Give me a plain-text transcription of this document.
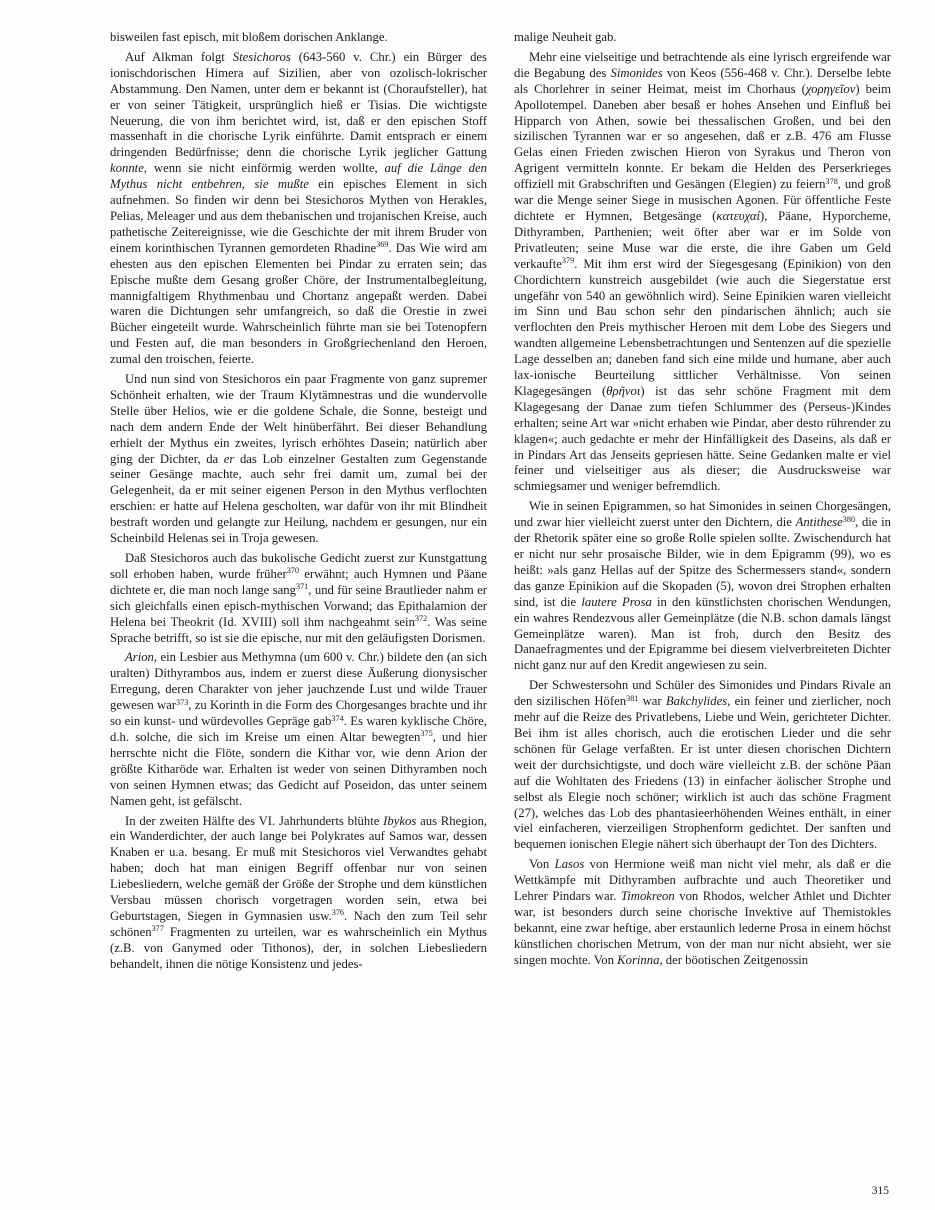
bisweilen fast episch, mit bloßem dorischen Anklange.

Auf Alkman folgt Stesichoros (643-560 v. Chr.) ein Bürger des ionischdorischen Himera auf Sizilien, aber von ozolisch-lokrischer Abstammung. Den Namen, unter dem er bekannt ist (Choraufsteller), hat er von seiner Tätigkeit, ursprünglich hieß er Tisias. Die wichtigste Neuerung, die von ihm berichtet wird, ist, daß er den epischen Stoff massenhaft in die chorische Lyrik einführte. Damit entsprach er einem dringenden Bedürfnisse; denn die chorische Lyrik jeglicher Gattung konnte, wenn sie nicht einförmig werden wollte, auf die Länge den Mythus nicht entbehren, sie mußte ein episches Element in sich aufnehmen. So finden wir denn bei Stesichoros Mythen von Herakles, Pelias, Meleager und aus dem thebanischen und trojanischen Kreise, auch pathetische Zeitereignisse, wie die Geschichte der mit ihrem Bruder von einem korinthischen Tyrannen gemordeten Rhadine$^{369}$. Das Wie wird am ehesten aus den epischen Elementen bei Pindar zu erraten sein; das Epische mußte dem Gesang großer Chöre, der Instrumentalbegleitung, mannigfaltigem Rhythmenbau und Chortanz angepaßt werden. Dabei waren die Dichtungen sehr umfangreich, so daß die Orestie in zwei Bücher eingeteilt wurde. Wahrscheinlich führte man sie bei Totenopfern und Festen auf, die man besonders in Großgriechenland den Heroen, zumal den troischen, feierte.

Und nun sind von Stesichoros ein paar Fragmente von ganz supremer Schönheit erhalten, wie der Traum Klytämnestras und die wundervolle Stelle über Helios, wie er die goldene Schale, die Sonne, besteigt und nach dem andern Ende der Welt hinüberfährt. Bei dieser Behandlung erhielt der Mythus ein zweites, lyrisch erhöhtes Dasein; natürlich aber ging der Dichter, da er das Lob einzelner Gestalten zum Gegenstande seiner Gesänge machte, auch sehr frei damit um, zumal bei der Gelegenheit, da er mit seiner eigenen Person in den Mythus verflochten erschien: er hatte auf Helena gescholten, war dafür von ihr mit Blindheit bestraft worden und gelangte zur Heilung, nachdem er gesungen, nur ein Scheinbild Helenas sei in Troja gewesen.

Daß Stesichoros auch das bukolische Gedicht zuerst zur Kunstgattung soll erhoben haben, wurde früher$^{370}$ erwähnt; auch Hymnen und Päane dichtete er, die man noch lange sang$^{371}$, und für seine Brautlieder nahm er sich gleichfalls einen episch-mythischen Vorwand; das Epithalamion der Helena bei Theokrit (Id. XVIII) soll ihm nachgeahmt sein$^{372}$. Was seine Sprache betrifft, so ist sie die epische, nur mit den geläufigsten Dorismen.

Arion, ein Lesbier aus Methymna (um 600 v. Chr.) bildete den (an sich uralten) Dithyrambos aus, indem er zuerst diese Äußerung dionysischer Erregung, deren Charakter von jeher jauchzende Lust und wilde Trauer gewesen war$^{373}$, zu Korinth in die Form des Chorgesanges brachte und ihr so ein kunst- und würdevolles Gepräge gab$^{374}$. Es waren kyklische Chöre, d.h. solche, die sich im Kreise um einen Altar bewegten$^{375}$, und hier herrschte nicht die Flöte, sondern die Kithar vor, wie denn Arion der größte Kitharöde war. Erhalten ist weder von seinen Dithyramben noch von seinen Hymnen etwas; das Gedicht auf Poseidon, das unter seinem Namen geht, ist gefälscht.

In der zweiten Hälfte des VI. Jahrhunderts blühte Ibykos aus Rhegion, ein Wanderdichter, der auch lange bei Polykrates auf Samos war, dessen Knaben er u.a. besang. Er muß mit Stesichoros viel Verwandtes gehabt haben; doch hat man einigen Begriff offenbar nur von seinen Liebesliedern, welche gemäß der Größe der Strophe und dem künstlichen Versbau müssen chorisch vorgetragen worden sein, etwa bei Geburtstagen, Siegen in Gymnasien usw.$^{376}$. Nach den zum Teil sehr schönen$^{377}$ Fragmenten zu urteilen, war es wahrscheinlich ein Mythus (z.B. von Ganymed oder Tithonos), der, in solchen Liebesliedern behandelt, ihnen die nötige Konsistenz und jedes-

malige Neuheit gab.

Mehr eine vielseitige und betrachtende als eine lyrisch ergreifende war die Begabung des Simonides von Keos (556-468 v. Chr.). Derselbe lebte als Chorlehrer in seiner Heimat, meist im Chorhaus (χορηγεῖον) beim Apollotempel. Daneben aber besaß er hohes Ansehen und Einfluß bei Hipparch von Athen, sowie bei thessalischen Großen, und bei den sizilischen Tyrannen war er so angesehen, daß er z.B. 476 am Flusse Gelas einen Frieden zwischen Hieron von Syrakus und Theron von Agrigent vermitteln konnte. Er bekam die Helden des Perserkrieges offiziell mit Grabschriften und Gesängen (Elegien) zu feiern$^{378}$, und groß war die Menge seiner Siege in musischen Agonen. Für öffentliche Feste dichtete er Hymnen, Betgesänge (κατευχαί), Päane, Hyporcheme, Dithyramben, Parthenien; weit öfter aber war er im Solde von Privatleuten; seine Muse war die erste, die ihre Gaben um Geld verkaufte$^{379}$. Mit ihm erst wird der Siegesgesang (Epinikion) von den Chordichtern kunstreich ausgebildet (wie auch die Siegerstatue erst ungefähr von 540 an gewöhnlich wird). Seine Epinikien waren vielleicht im Sinn und Bau schon sehr den pindarischen ähnlich; auch sie verflochten den Preis mythischer Heroen mit dem Lobe des Siegers und wandten allgemeine Lebensbetrachtungen und Sentenzen auf die spezielle Lage desselben an; daneben fand sich eine milde und humane, aber auch lax-ionische Beurteilung sittlicher Verhältnisse. Von seinen Klagegesängen (θρῆνοι) ist das sehr schöne Fragment mit dem Klagegesang der Danae zum tiefen Schlummer des (Perseus-)Kindes erhalten; seine Art war »nicht erhaben wie Pindar, aber desto rührender zu klagen«; auch gedachte er mehr der Hinfälligkeit des Daseins, als daß er in Pindars Art das Jenseits gepriesen hätte. Seine Gedanken malte er viel feiner und vielseitiger aus als dieser; die Ausdrucksweise war schmiegsamer und weniger befremdlich.

Wie in seinen Epigrammen, so hat Simonides in seinen Chorgesängen, und zwar hier vielleicht zuerst unter den Dichtern, die Antithese$^{380}$, die in der Rhetorik später eine so große Rolle spielen sollte. Zwischendurch hat er nicht nur sehr prosaische Bilder, wie in dem Epigramm (99), wo es heißt: »als ganz Hellas auf der Spitze des Schermessers stand«, sondern das ganze Epinikion auf die Skopaden (5), wovon drei Strophen erhalten sind, ist die lautere Prosa in den künstlichsten chorischen Wendungen, ein wahres Rendezvous aller Gemeinplätze (die N.B. schon damals längst Gemeinplätze waren). Man ist froh, durch den Besitz des Danaefragmentes und der Epigramme bei diesem vielverbreiteten Dichter nicht ganz nur auf den Kredit angewiesen zu sein.

Der Schwestersohn und Schüler des Simonides und Pindars Rivale an den sizilischen Höfen$^{381}$ war Bakchylides, ein feiner und zierlicher, noch mehr auf die Reize des Privatlebens, Liebe und Wein, gerichteter Dichter. Bei ihm ist alles chorisch, auch die erotischen Lieder und die sehr schönen für Gelage verfaßten. Er ist unter diesen chorischen Dichtern weit der durchsichtigste, und doch wäre vielleicht z.B. der schöne Päan auf die Wohltaten des Friedens (13) in einfacher äolischer Strophe und selbst als Elegie noch schöner; wirklich ist auch das schöne Fragment (27), welches das Lob des phantasieerhöhenden Weines enthält, in einer viel einfacheren, vierzeiligen Strophenform gedichtet. Der sanften und bequemen ionischen Elegie nähert sich überhaupt der Ton des Dichters.

Von Lasos von Hermione weiß man nicht viel mehr, als daß er die Wettkämpfe mit Dithyramben aufbrachte und auch Theoretiker und Lehrer Pindars war. Timokreon von Rhodos, welcher Athlet und Dichter war, ist besonders durch seine chorische Invektive auf Themistokles bekannt, eine zwar heftige, aber erstaunlich lederne Prosa in einem höchst künstlichen chorischen Metrum, von der man nur nicht absieht, wer sie singen mochte. Von Korinna, der böotischen Zeitgenossin

315
